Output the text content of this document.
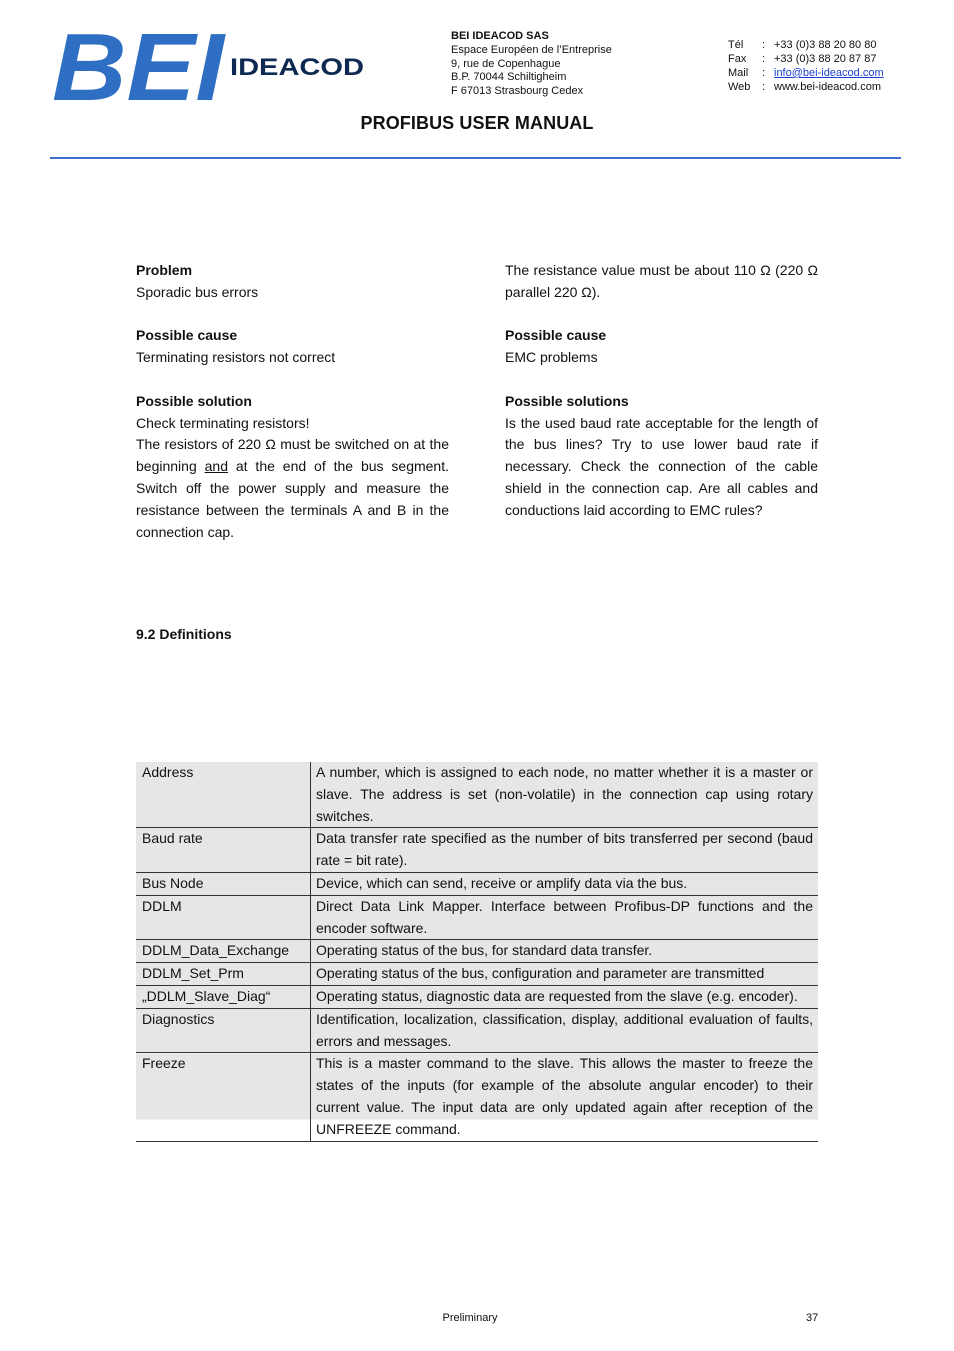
BEI IDEACOD
BEI IDEACOD SAS
Espace Européen de l’Entreprise
9, rue de Copenhague
B.P. 70044 Schiltigheim
F 67013 Strasbourg Cedex
Tél	: +33 (0)3 88 20 80 80
Fax	: +33 (0)3 88 20 87 87
Mail	: info@bei-ideacod.com
Web	: www.bei-ideacod.com
PROFIBUS USER MANUAL
Problem
Sporadic bus errors
Possible cause
Terminating resistors not correct
Possible solution
Check terminating resistors!
The resistors of 220 Ω must be switched on at the beginning and at the end of the bus segment. Switch off the power supply and measure the resistance between the terminals A and B in the connection cap.
The resistance value must be about 110 Ω (220 Ω parallel 220 Ω).
Possible cause
EMC problems
Possible solutions
Is the used baud rate acceptable for the length of the bus lines? Try to use lower baud rate if necessary. Check the connection of the cable shield in the connection cap. Are all cables and conductions laid according to EMC rules?
9.2 Definitions
Address	A number, which is assigned to each node, no matter whether it is a master or slave. The address is set (non-volatile) in the connection cap using rotary switches.
Baud rate	Data transfer rate specified as the number of bits transferred per second (baud rate = bit rate).
Bus Node	Device, which can send, receive or amplify data via the bus.
DDLM	Direct Data Link Mapper. Interface between Profibus-DP functions and the encoder software.
DDLM_Data_Exchange	Operating status of the bus, for standard data transfer.
DDLM_Set_Prm	Operating status of the bus, configuration and parameter are transmitted
„DDLM_Slave_Diag“	Operating status, diagnostic data are requested from the slave (e.g. encoder).
Diagnostics	Identification, localization, classification, display, additional evaluation of faults, errors and messages.
Freeze	This is a master command to the slave. This allows the master to freeze the states of the inputs (for example of the absolute angular encoder) to their current value. The input data are only updated again after reception of the UNFREEZE command.
Preliminary	37
